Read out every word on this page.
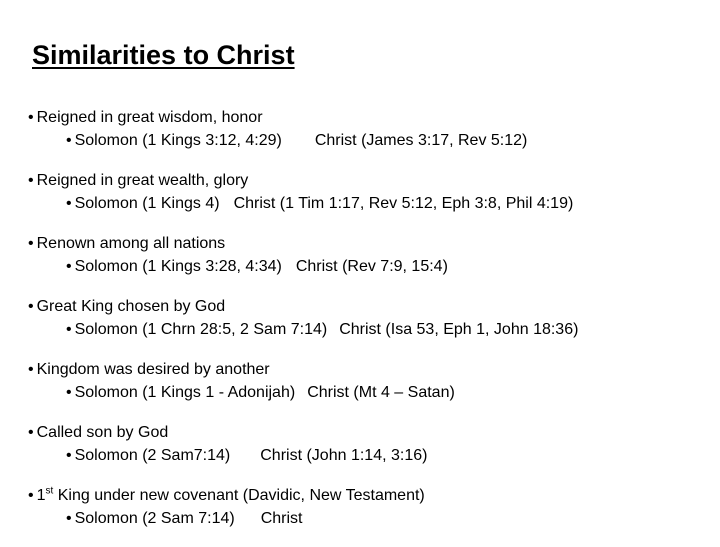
Similarities to Christ
• Reigned in great wisdom, honor
• Solomon (1 Kings 3:12, 4:29) Christ (James 3:17, Rev 5:12)
• Reigned in great wealth, glory
• Solomon (1 Kings 4) Christ (1 Tim 1:17, Rev 5:12, Eph 3:8, Phil 4:19)
• Renown among all nations
• Solomon (1 Kings 3:28, 4:34) Christ (Rev 7:9, 15:4)
• Great King chosen by God
• Solomon (1 Chrn 28:5, 2 Sam 7:14) Christ (Isa 53, Eph 1, John 18:36)
• Kingdom was desired by another
• Solomon (1 Kings 1 - Adonijah) Christ (Mt 4 – Satan)
• Called son by God
• Solomon (2 Sam7:14) Christ (John 1:14, 3:16)
• 1st King under new covenant (Davidic, New Testament)
• Solomon (2 Sam 7:14) Christ
